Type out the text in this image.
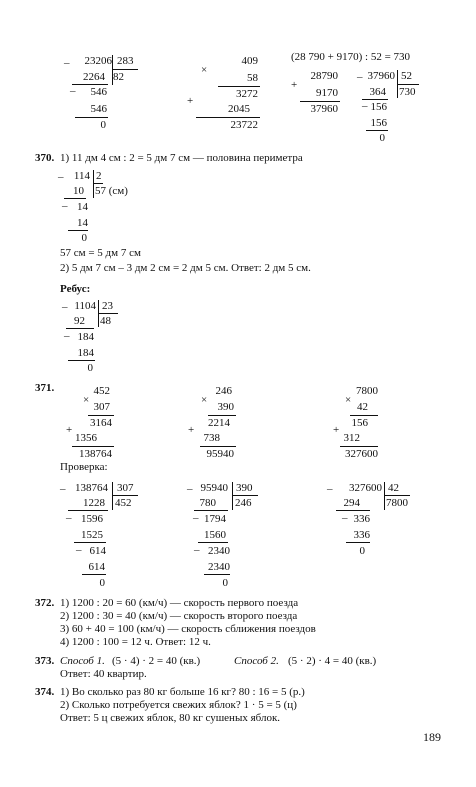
_	23206 283
2264 82
_	546
546
0
409
×
58
3272
+
2045
23722
(28 790 + 9170) : 52 = 730
28790
+
9170
37960
_ 37960 52
364 730
_ 156
156
0
370. 1) 11 дм 4 см : 2 = 5 дм 7 см — половина периметра
_ 114 2
10 57 (см)
_ 14
14
0
57 см = 5 дм 7 см
2) 5 дм 7 см – 3 дм 2 см = 2 дм 5 см. Ответ: 2 дм 5 см.
Ребус:
_ 1104 23
92 48
_ 184
184
0
371.	452
×
307
3164
+
1356
138764
246
×
390
2214
+
738
95940
7800
×
42
156
+
312
327600
Проверка:
_ 138764 307
1228 452
_ 1596
1525
_ 614
614
0
_ 95940 390
780 246
_ 1794
1560
_ 2340
2340
0
_	327600 42
294 7800
_ 336
336
0
372. 1) 1200 : 20 = 60 (км/ч) — скорость первого поезда
2) 1200 : 30 = 40 (км/ч) — скорость второго поезда
3) 60 + 40 = 100 (км/ч) — скорость сближения поездов
4) 1200 : 100 = 12 ч. Ответ: 12 ч.
373. Способ 1. (5 · 4) · 2 = 40 (кв.)	Способ 2. (5 · 2) · 4 = 40 (кв.)
Ответ: 40 квартир.
374. 1) Во сколько раз 80 кг больше 16 кг? 80 : 16 = 5 (р.)
2) Сколько потребуется свежих яблок? 1 · 5 = 5 (ц)
Ответ: 5 ц свежих яблок, 80 кг сушеных яблок.
189
